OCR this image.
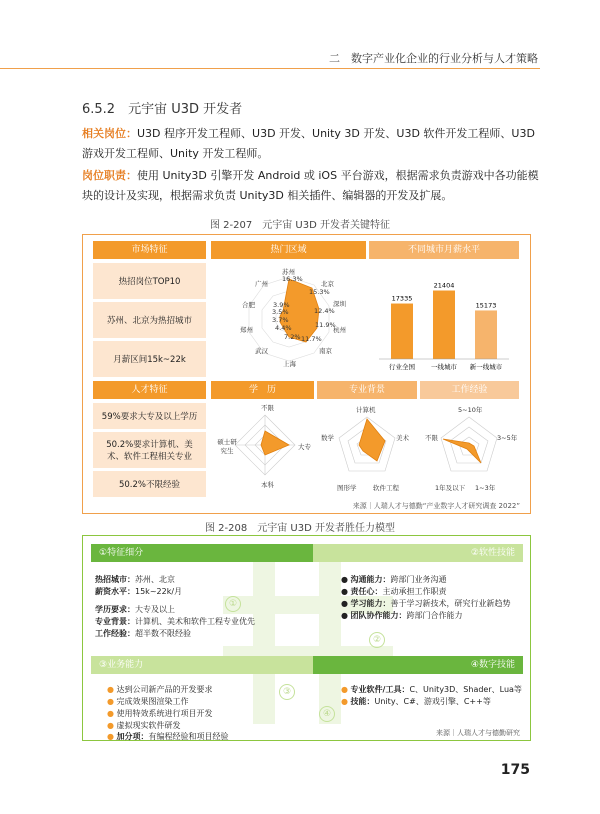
二　数字产业化企业的行业分析与人才策略
6.5.2　元宇宙 U3D 开发者
相关岗位：U3D 程序开发工程师、U3D 开发、Unity 3D 开发、U3D 软件开发工程师、U3D 游戏开发工程师、Unity 开发工程师。
岗位职责：使用 Unity3D 引擎开发 Android 或 iOS 平台游戏，根据需求负责游戏中各功能模块的设计及实现，根据需求负责 Unity3D 相关插件、编辑器的开发及扩展。
图 2-207　元宇宙 U3D 开发者关键特征
市场特征	热门区域	不同城市月薪水平
热招岗位TOP10
苏州、北京为热招城市
月薪区间15k~22k
苏州
16.3%
北京
15.3%
深圳
12.4%
杭州
11.9%
南京
11.7%
上海
7.2%
武汉
4.4%
郑州
3.7%
合肥
3.5%
广州
3.9%
17335
行业全国
21404
一线城市
15173
新一线城市
人才特征	学　历	专业背景	工作经验
59%要求大专及以上学历
50.2%要求计算机、美术、软件工程相关专业
50.2%不限经验
不限
大专
本科
硕士研究生
计算机
美术
软件工程
图形学
数学
5~10年
3~5年
1~3年
1年及以下
不限
来源｜人瑞人才与德勤“产业数字人才研究调查 2022”
图 2-208　元宇宙 U3D 开发者胜任力模型
①特征细分	②软性技能
③业务能力	④数字技能
①
②
③
④
热招城市：苏州、北京
薪资水平：15k~22k/月
学历要求：大专及以上
专业背景：计算机、美术和软件工程专业优先
工作经验：超半数不限经验
● 沟通能力：跨部门业务沟通
● 责任心：主动承担工作职责
● 学习能力：善于学习新技术，研究行业新趋势
● 团队协作能力：跨部门合作能力
● 达到公司新产品的开发要求
● 完成效果图渲染工作
● 使用特效系统进行项目开发
● 虚拟现实软件研发
● 加分项：有编程经验和项目经验
● 专业软件/工具：C、Unity3D、Shader、Lua等
● 技能：Unity、C#、游戏引擎、C++等
来源｜人瑞人才与德勤研究
175
